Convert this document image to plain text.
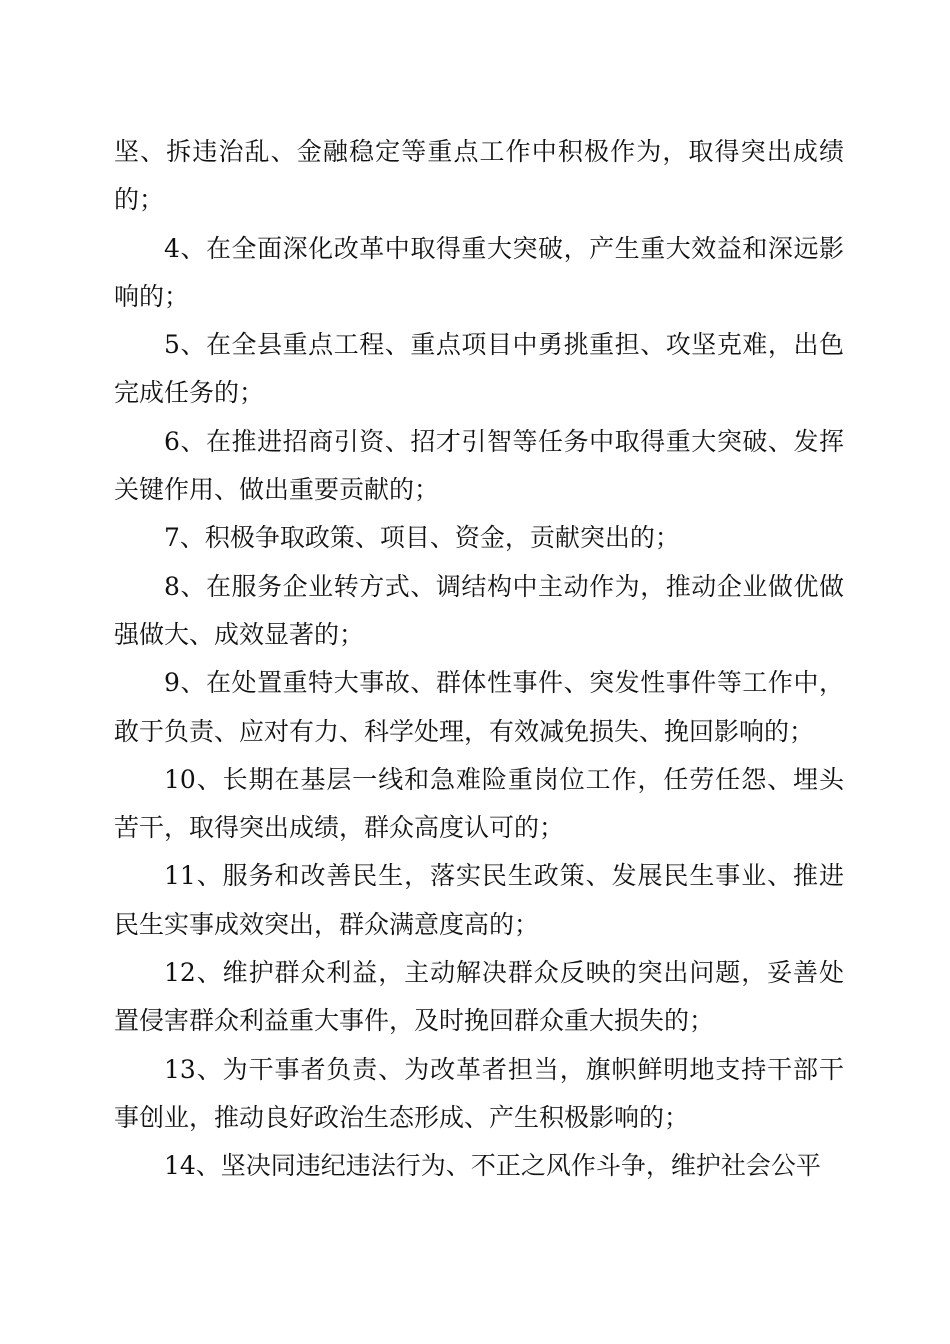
坚、拆违治乱、金融稳定等重点工作中积极作为，取得突出成绩的；

4、在全面深化改革中取得重大突破，产生重大效益和深远影响的；

5、在全县重点工程、重点项目中勇挑重担、攻坚克难，出色完成任务的；

6、在推进招商引资、招才引智等任务中取得重大突破、发挥关键作用、做出重要贡献的；

7、积极争取政策、项目、资金，贡献突出的；

8、在服务企业转方式、调结构中主动作为，推动企业做优做强做大、成效显著的；

9、在处置重特大事故、群体性事件、突发性事件等工作中，敢于负责、应对有力、科学处理，有效减免损失、挽回影响的；

10、长期在基层一线和急难险重岗位工作，任劳任怨、埋头苦干，取得突出成绩，群众高度认可的；

11、服务和改善民生，落实民生政策、发展民生事业、推进民生实事成效突出，群众满意度高的；

12、维护群众利益，主动解决群众反映的突出问题，妥善处置侵害群众利益重大事件，及时挽回群众重大损失的；

13、为干事者负责、为改革者担当，旗帜鲜明地支持干部干事创业，推动良好政治生态形成、产生积极影响的；

14、坚决同违纪违法行为、不正之风作斗争，维护社会公平
